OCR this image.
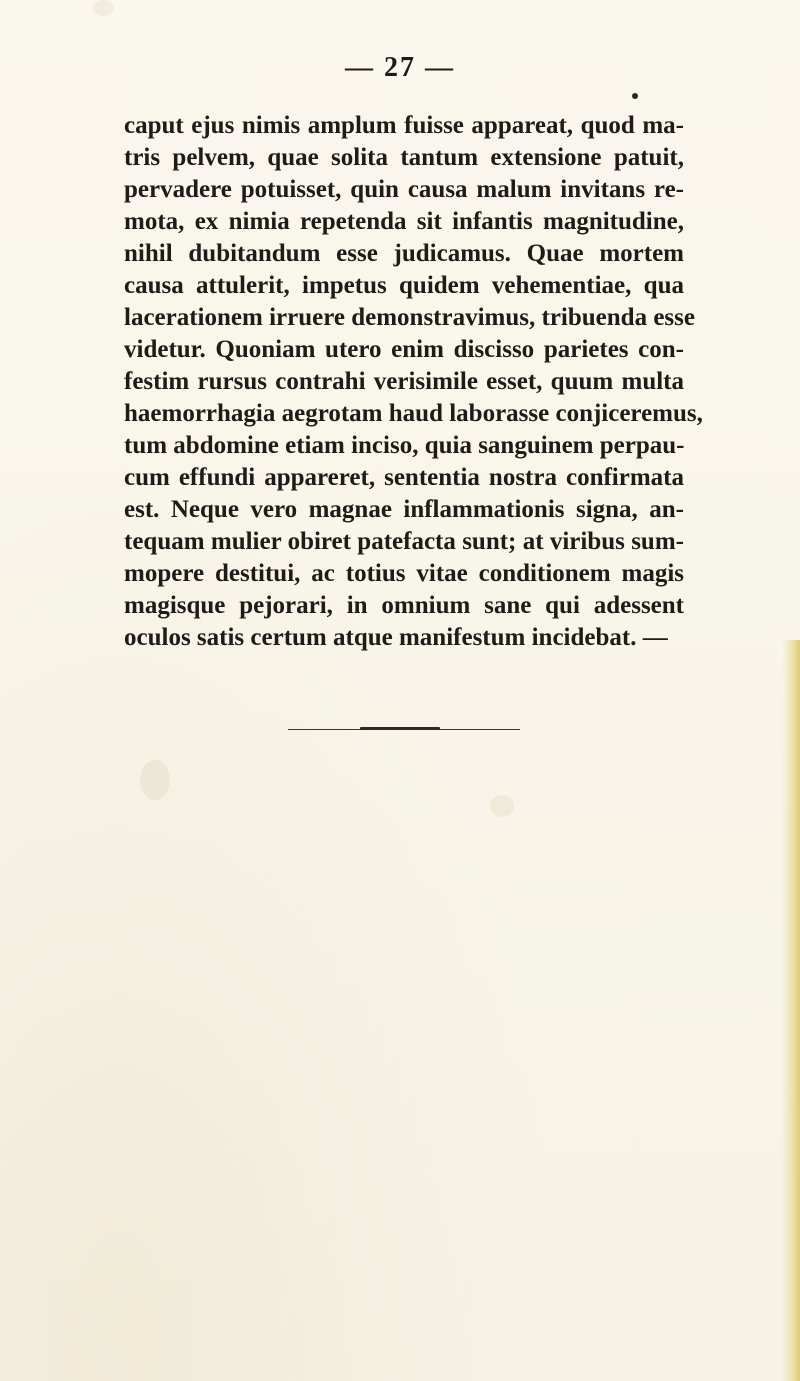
— 27 —
caput ejus nimis amplum fuisse appareat, quod ma-
tris pelvem, quae solita tantum extensione patuit,
pervadere potuisset, quin causa malum invitans re-
mota, ex nimia repetenda sit infantis magnitudine,
nihil dubitandum esse judicamus. Quae mortem
causa attulerit, impetus quidem vehementiae, qua
lacerationem irruere demonstravimus, tribuenda esse
videtur. Quoniam utero enim discisso parietes con-
festim rursus contrahi verisimile esset, quum multa
haemorrhagia aegrotam haud laborasse conjiceremus,
tum abdomine etiam inciso, quia sanguinem perpau-
cum effundi appareret, sententia nostra confirmata
est. Neque vero magnae inflammationis signa, an-
tequam mulier obiret patefacta sunt; at viribus sum-
mopere destitui, ac totius vitae conditionem magis
magisque pejorari, in omnium sane qui adessent
oculos satis certum atque manifestum incidebat. —
